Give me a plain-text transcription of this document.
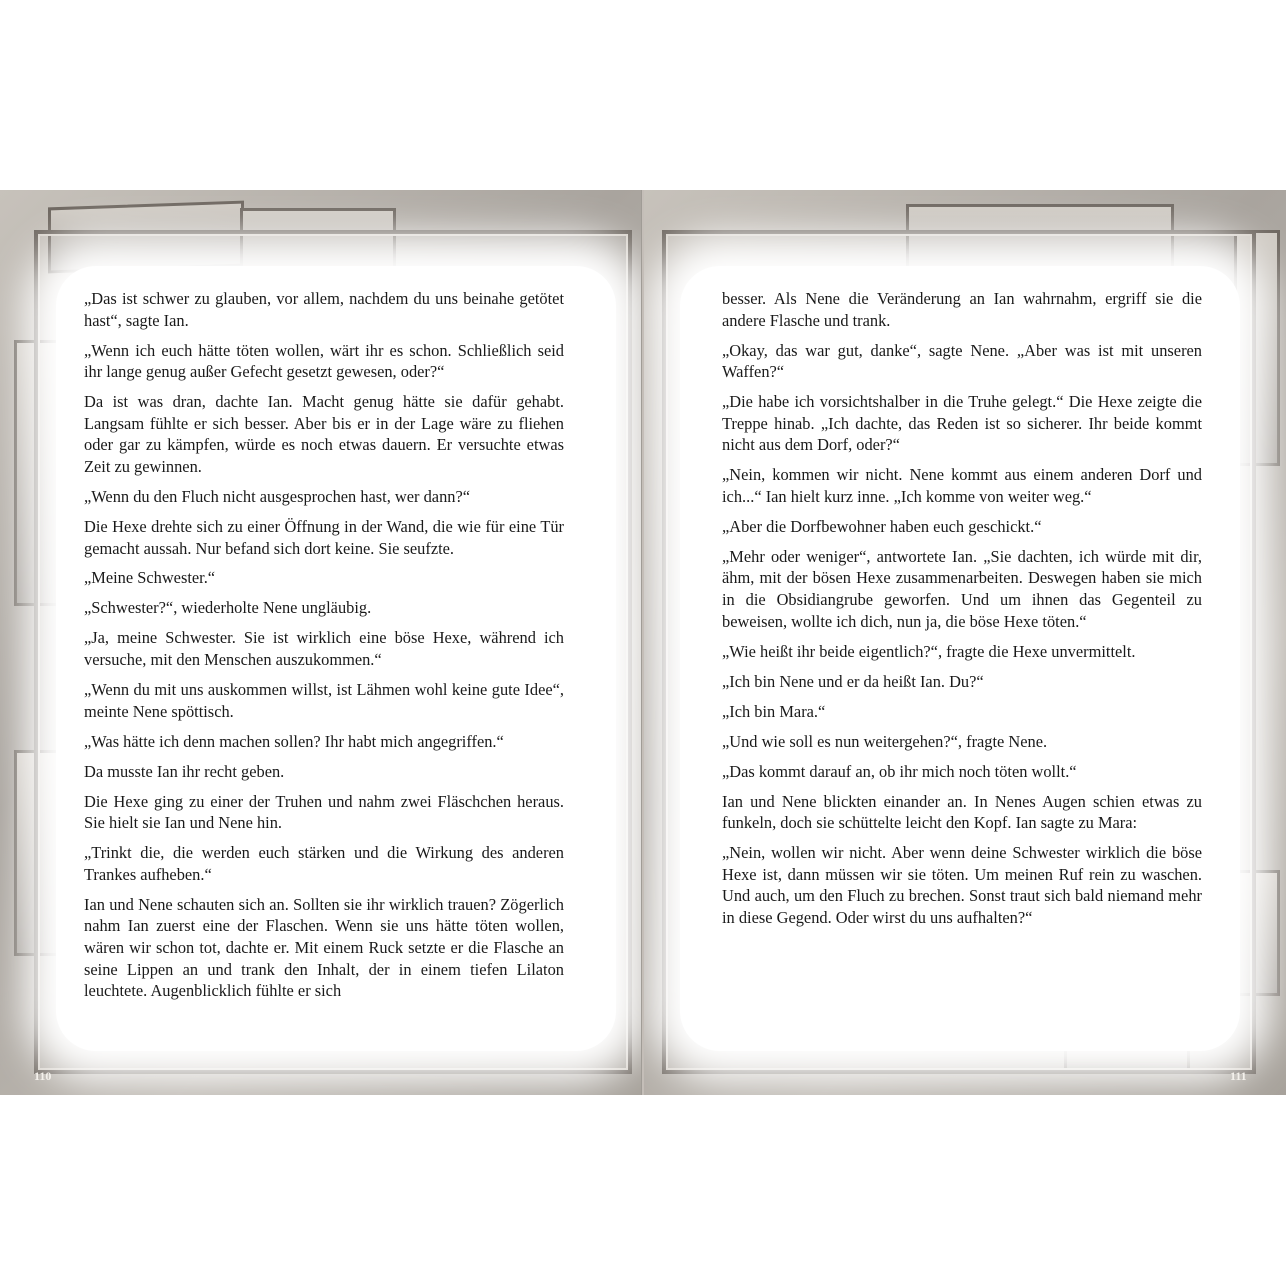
„Das ist schwer zu glauben, vor allem, nachdem du uns beinahe getötet hast“, sagte Ian.

„Wenn ich euch hätte töten wollen, wärt ihr es schon. Schließlich seid ihr lange genug außer Gefecht gesetzt gewesen, oder?“

Da ist was dran, dachte Ian. Macht genug hätte sie dafür gehabt. Langsam fühlte er sich besser. Aber bis er in der Lage wäre zu fliehen oder gar zu kämpfen, würde es noch etwas dauern. Er versuchte etwas Zeit zu gewinnen.

„Wenn du den Fluch nicht ausgesprochen hast, wer dann?“

Die Hexe drehte sich zu einer Öffnung in der Wand, die wie für eine Tür gemacht aussah. Nur befand sich dort keine. Sie seufzte.

„Meine Schwester.“

„Schwester?“, wiederholte Nene ungläubig.

„Ja, meine Schwester. Sie ist wirklich eine böse Hexe, während ich versuche, mit den Menschen auszukommen.“

„Wenn du mit uns auskommen willst, ist Lähmen wohl keine gute Idee“, meinte Nene spöttisch.

„Was hätte ich denn machen sollen? Ihr habt mich angegriffen.“

Da musste Ian ihr recht geben.

Die Hexe ging zu einer der Truhen und nahm zwei Fläschchen heraus. Sie hielt sie Ian und Nene hin.

„Trinkt die, die werden euch stärken und die Wirkung des anderen Trankes aufheben.“

Ian und Nene schauten sich an. Sollten sie ihr wirklich trauen? Zögerlich nahm Ian zuerst eine der Flaschen. Wenn sie uns hätte töten wollen, wären wir schon tot, dachte er. Mit einem Ruck setzte er die Flasche an seine Lippen an und trank den Inhalt, der in einem tiefen Lilaton leuchtete. Augenblicklich fühlte er sich

110

besser. Als Nene die Veränderung an Ian wahrnahm, ergriff sie die andere Flasche und trank.

„Okay, das war gut, danke“, sagte Nene. „Aber was ist mit unseren Waffen?“

„Die habe ich vorsichtshalber in die Truhe gelegt.“ Die Hexe zeigte die Treppe hinab. „Ich dachte, das Reden ist so sicherer. Ihr beide kommt nicht aus dem Dorf, oder?“

„Nein, kommen wir nicht. Nene kommt aus einem anderen Dorf und ich...“ Ian hielt kurz inne. „Ich komme von weiter weg.“

„Aber die Dorfbewohner haben euch geschickt.“

„Mehr oder weniger“, antwortete Ian. „Sie dachten, ich würde mit dir, ähm, mit der bösen Hexe zusammenarbeiten. Deswegen haben sie mich in die Obsidiangrube geworfen. Und um ihnen das Gegenteil zu beweisen, wollte ich dich, nun ja, die böse Hexe töten.“

„Wie heißt ihr beide eigentlich?“, fragte die Hexe unvermittelt.

„Ich bin Nene und er da heißt Ian. Du?“

„Ich bin Mara.“

„Und wie soll es nun weitergehen?“, fragte Nene.

„Das kommt darauf an, ob ihr mich noch töten wollt.“

Ian und Nene blickten einander an. In Nenes Augen schien etwas zu funkeln, doch sie schüttelte leicht den Kopf. Ian sagte zu Mara:

„Nein, wollen wir nicht. Aber wenn deine Schwester wirklich die böse Hexe ist, dann müssen wir sie töten. Um meinen Ruf rein zu waschen. Und auch, um den Fluch zu brechen. Sonst traut sich bald niemand mehr in diese Gegend. Oder wirst du uns aufhalten?“

111
